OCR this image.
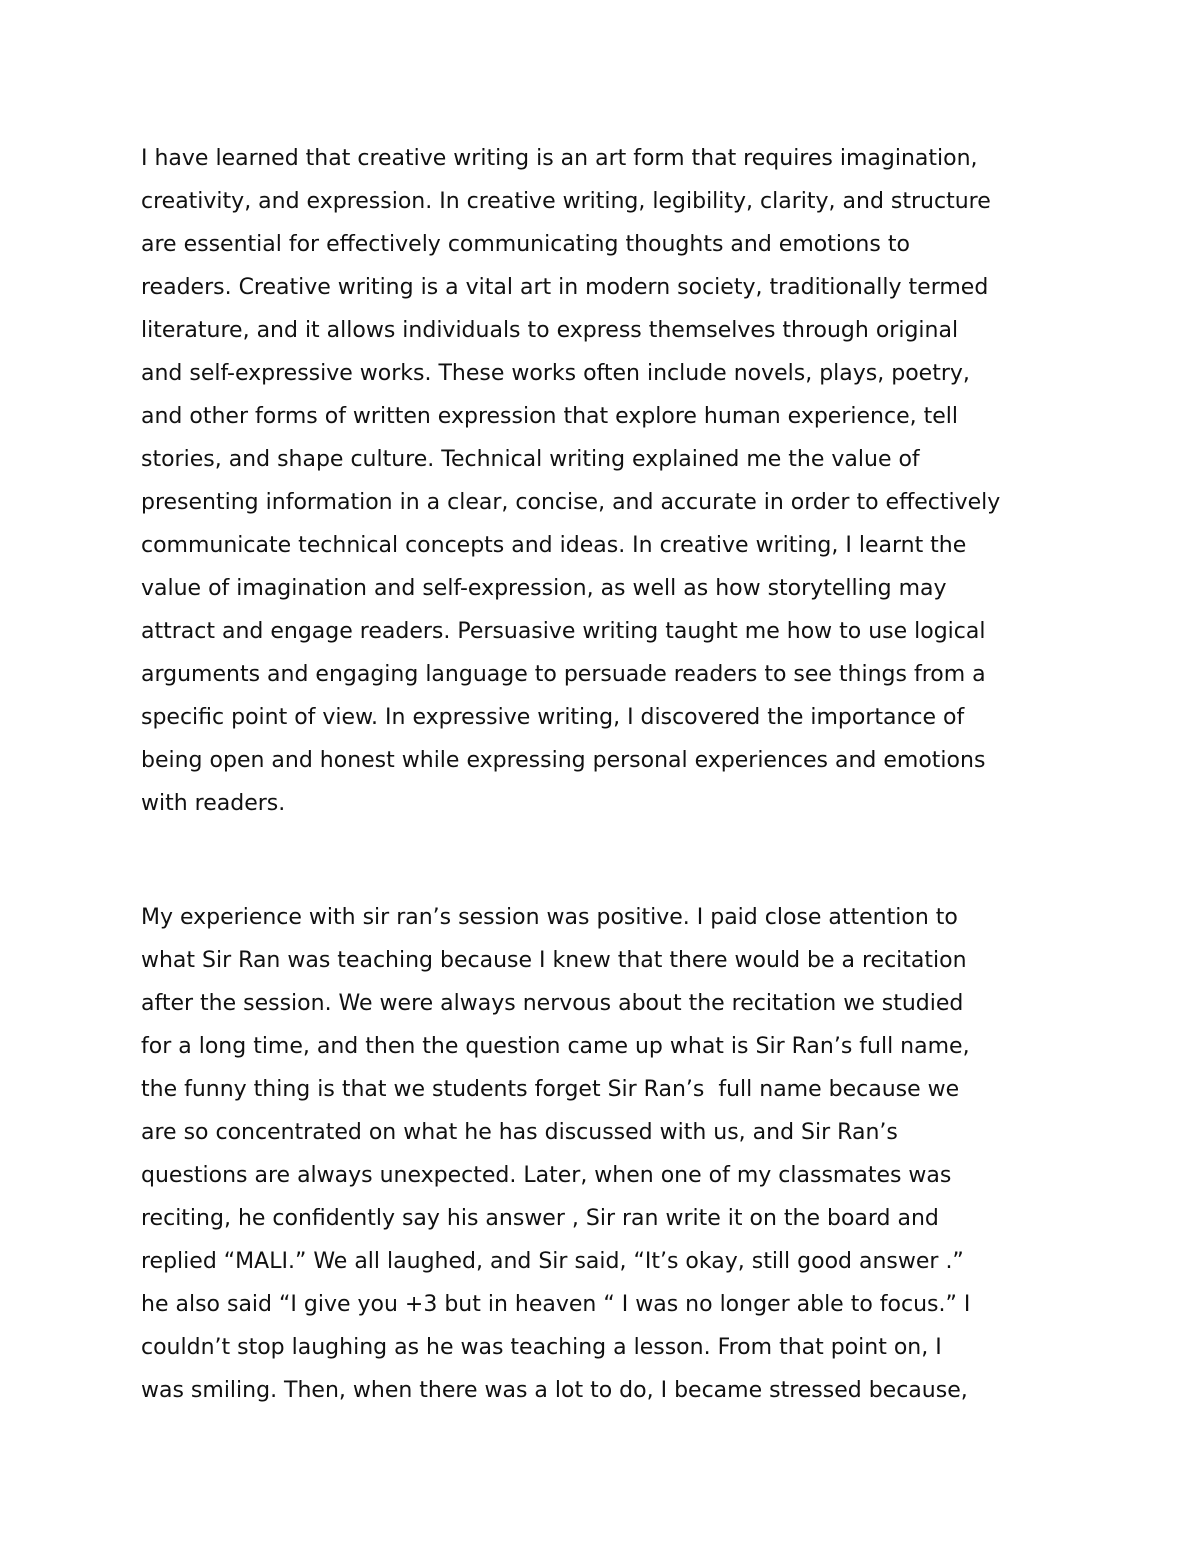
I have learned that creative writing is an art form that requires imagination,
creativity, and expression. In creative writing, legibility, clarity, and structure
are essential for effectively communicating thoughts and emotions to
readers. Creative writing is a vital art in modern society, traditionally termed
literature, and it allows individuals to express themselves through original
and self-expressive works. These works often include novels, plays, poetry,
and other forms of written expression that explore human experience, tell
stories, and shape culture. Technical writing explained me the value of
presenting information in a clear, concise, and accurate in order to effectively
communicate technical concepts and ideas. In creative writing, I learnt the
value of imagination and self-expression, as well as how storytelling may
attract and engage readers. Persuasive writing taught me how to use logical
arguments and engaging language to persuade readers to see things from a
specific point of view. In expressive writing, I discovered the importance of
being open and honest while expressing personal experiences and emotions
with readers.
My experience with sir ran’s session was positive. I paid close attention to
what Sir Ran was teaching because I knew that there would be a recitation
after the session. We were always nervous about the recitation we studied
for a long time, and then the question came up what is Sir Ran’s full name,
the funny thing is that we students forget Sir Ran’s  full name because we
are so concentrated on what he has discussed with us, and Sir Ran’s
questions are always unexpected. Later, when one of my classmates was
reciting, he confidently say his answer , Sir ran write it on the board and
replied “MALI.” We all laughed, and Sir said, “It’s okay, still good answer .”
he also said “I give you +3 but in heaven “ I was no longer able to focus.” I
couldn’t stop laughing as he was teaching a lesson. From that point on, I
was smiling. Then, when there was a lot to do, I became stressed because,
